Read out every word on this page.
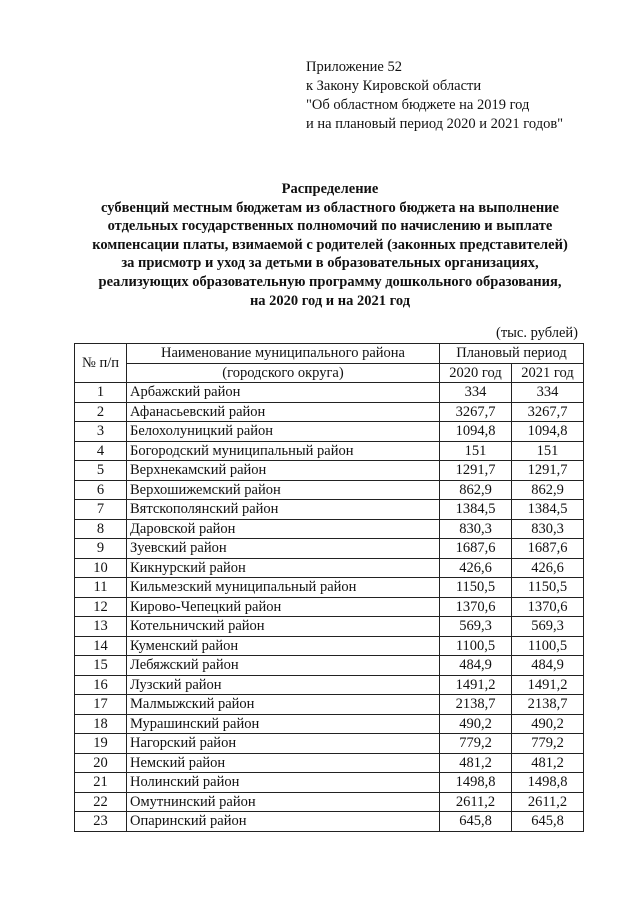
Приложение 52
к Закону Кировской области
"Об областном бюджете на 2019 год
и на плановый период 2020 и 2021 годов"
Распределение
субвенций местным бюджетам из областного бюджета на выполнение
отдельных государственных полномочий по начислению и выплате
компенсации платы, взимаемой с родителей (законных представителей)
за присмотр и уход за детьми в образовательных организациях,
реализующих образовательную программу дошкольного образования,
на 2020 год и на 2021 год
(тыс. рублей)
№ п/п	Наименование муниципального района	Плановый период	
	(городского округа)	2020 год	2021 год
1	Арбажский район	334	334
2	Афанасьевский район	3267,7	3267,7
3	Белохолуницкий район	1094,8	1094,8
4	Богородский муниципальный район	151	151
5	Верхнекамский район	1291,7	1291,7
6	Верхошижемский район	862,9	862,9
7	Вятскополянский район	1384,5	1384,5
8	Даровской район	830,3	830,3
9	Зуевский район	1687,6	1687,6
10	Кикнурский район	426,6	426,6
11	Кильмезский муниципальный район	1150,5	1150,5
12	Кирово-Чепецкий район	1370,6	1370,6
13	Котельничский район	569,3	569,3
14	Куменский район	1100,5	1100,5
15	Лебяжский район	484,9	484,9
16	Лузский район	1491,2	1491,2
17	Малмыжский район	2138,7	2138,7
18	Мурашинский район	490,2	490,2
19	Нагорский район	779,2	779,2
20	Немский район	481,2	481,2
21	Нолинский район	1498,8	1498,8
22	Омутнинский район	2611,2	2611,2
23	Опаринский район	645,8	645,8
